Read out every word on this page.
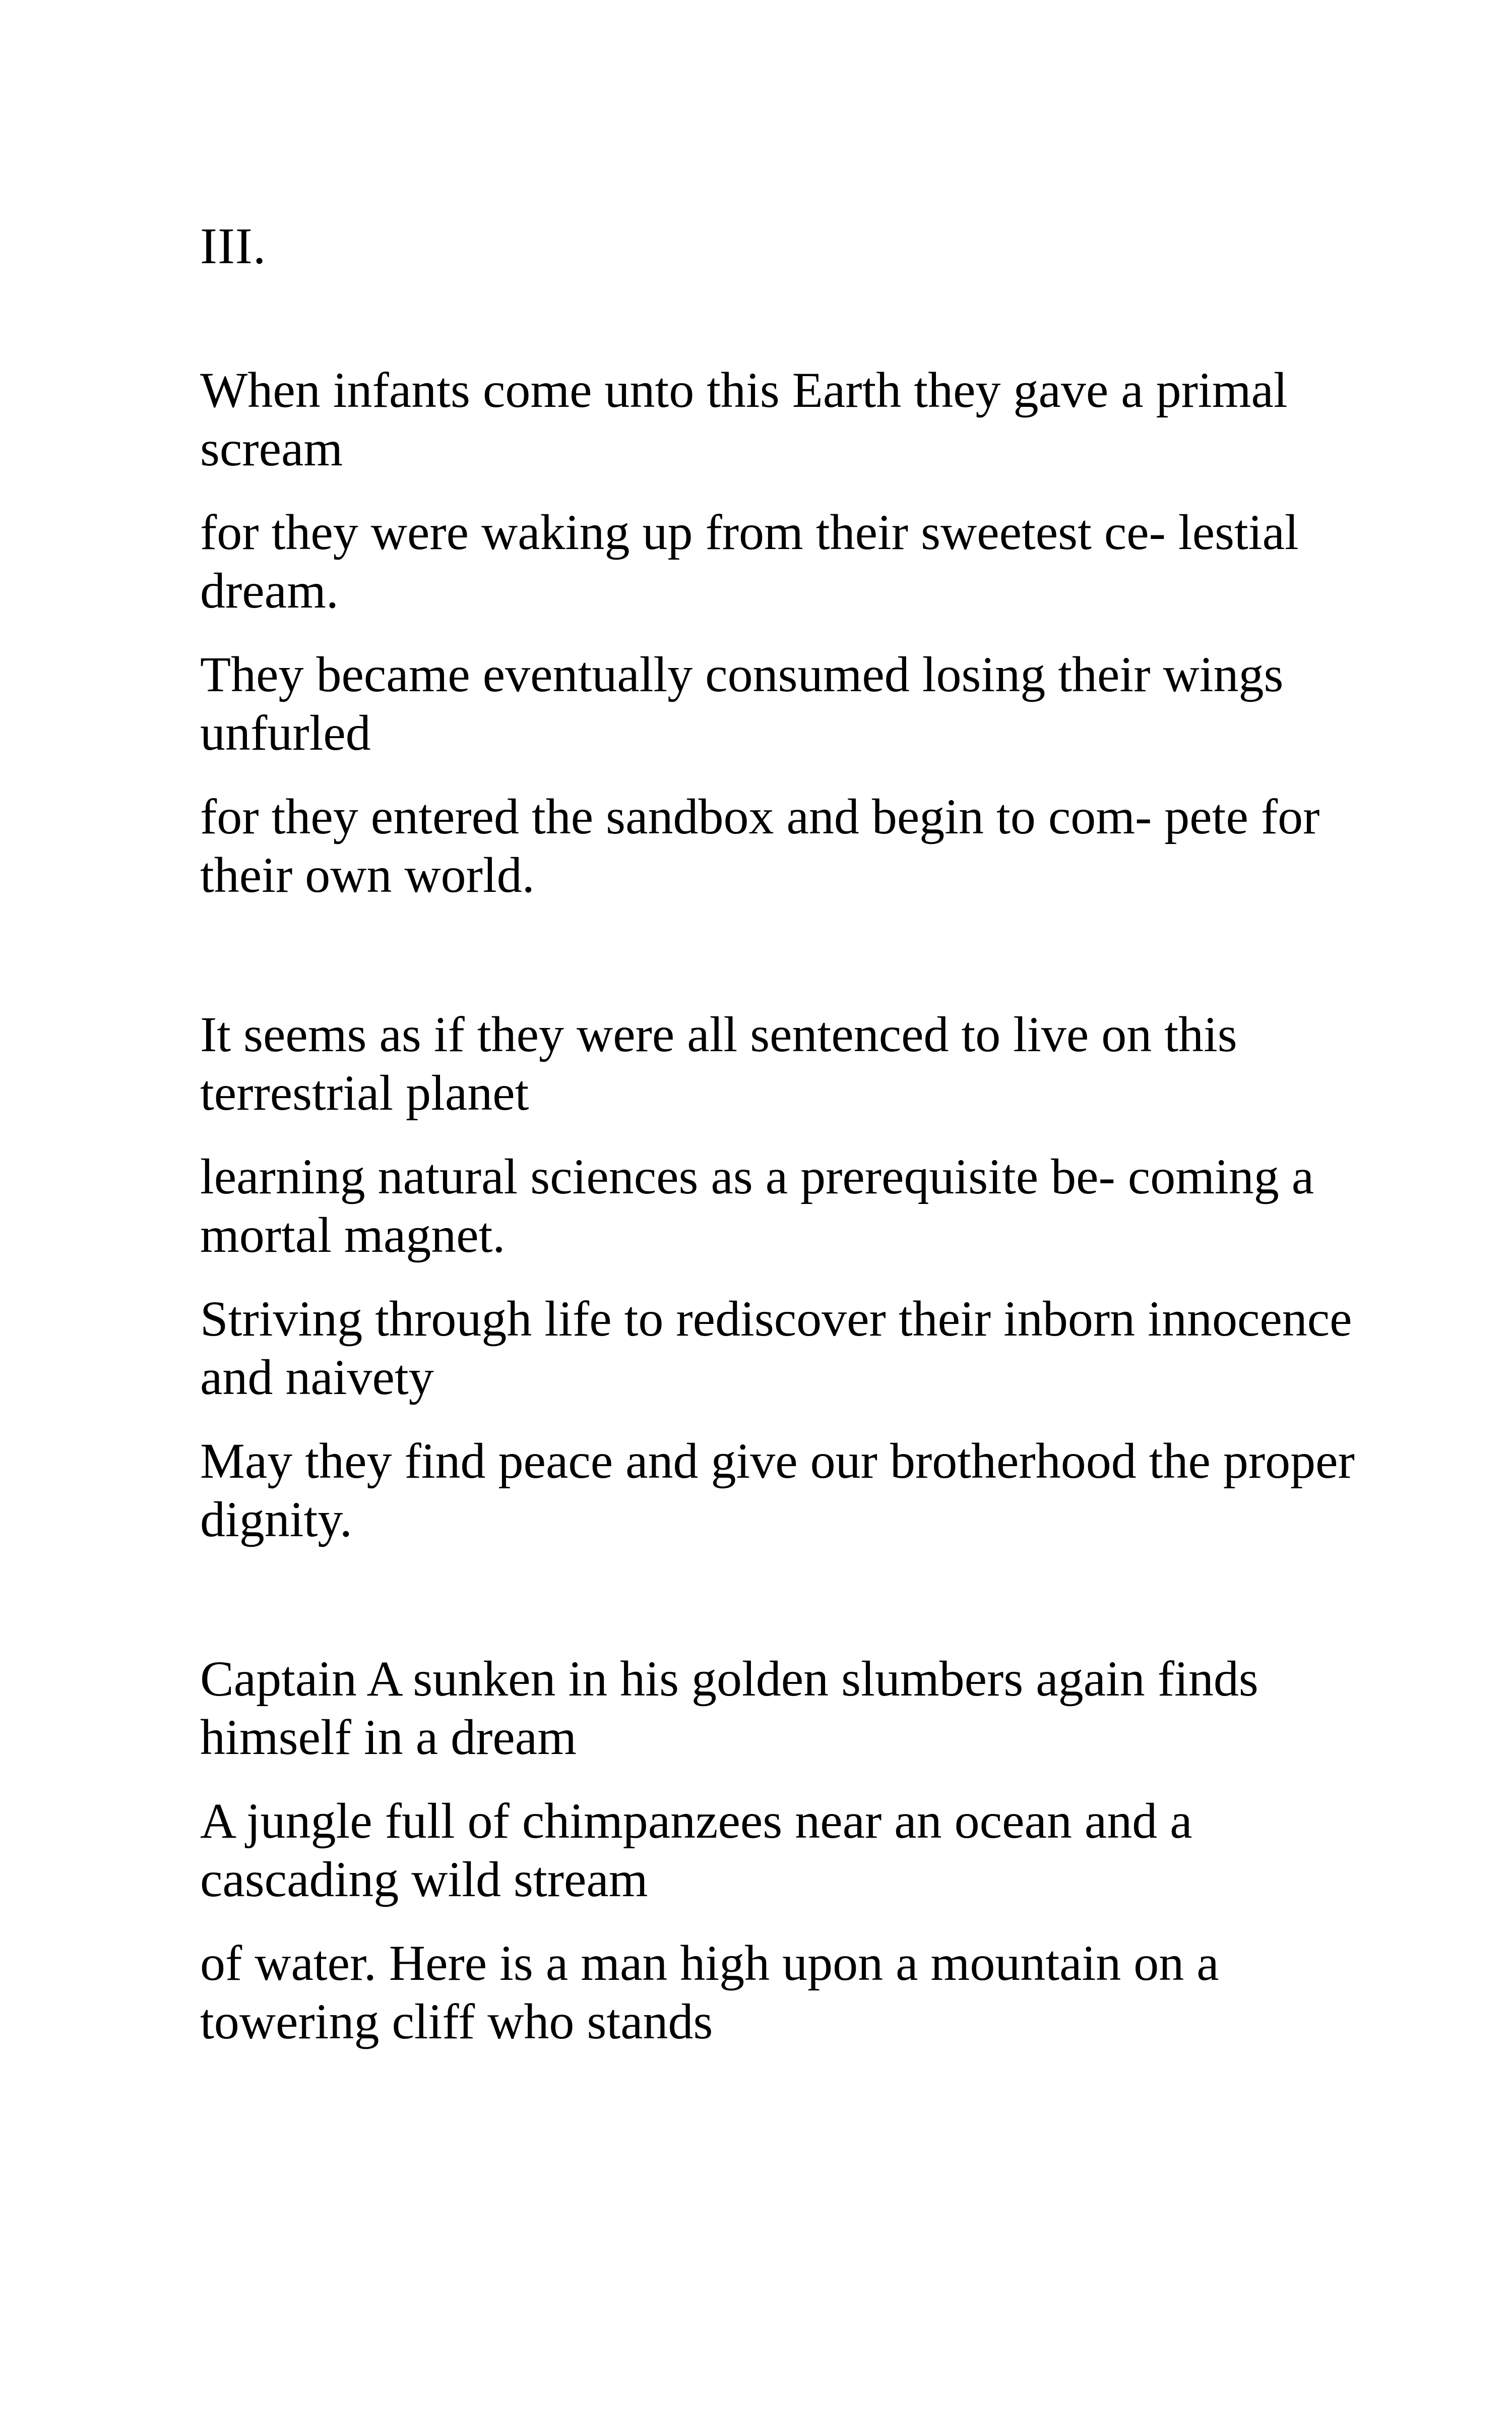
III.
When infants come unto this Earth they gave a primal scream
for they were waking up from their sweetest ce- lestial dream.
They became eventually consumed losing their wings unfurled
for they entered the sandbox and begin to com- pete for their own world.
It seems as if they were all sentenced to live on this terrestrial planet
learning natural sciences as a prerequisite be- coming a mortal magnet.
Striving through life to rediscover their inborn innocence and naivety
May they find peace and give our brotherhood the proper dignity.
Captain A sunken in his golden slumbers again finds himself in a dream
A jungle full of chimpanzees near an ocean and a cascading wild stream
of water. Here is a man high upon a mountain on a towering cliff who stands
